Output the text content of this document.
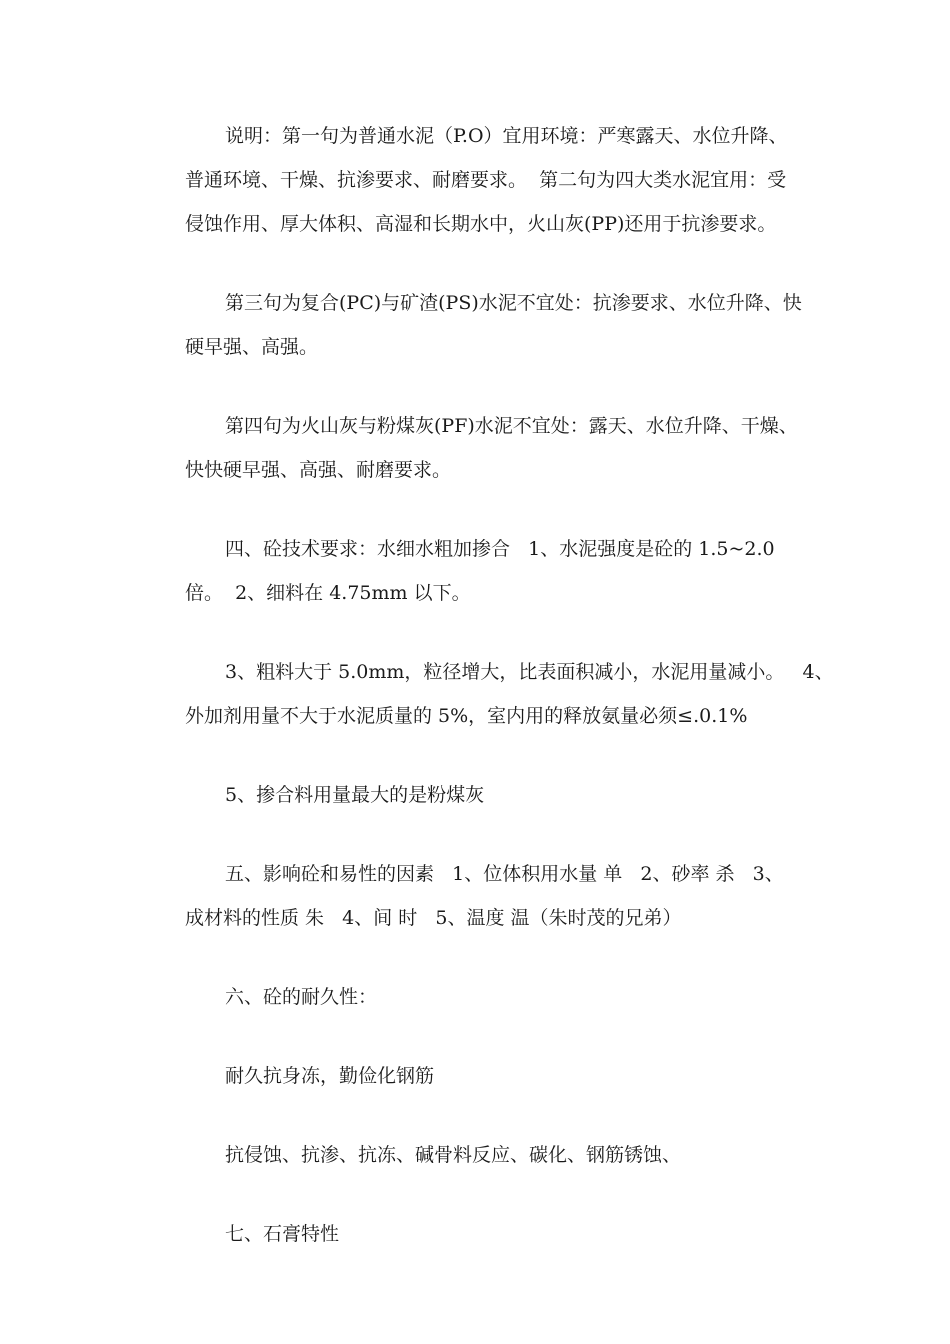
说明：第一句为普通水泥（P.O）宜用环境：严寒露天、水位升降、
普通环境、干燥、抗渗要求、耐磨要求。  第二句为四大类水泥宜用：受
侵蚀作用、厚大体积、高湿和长期水中，火山灰(PP)还用于抗渗要求。
第三句为复合(PC)与矿渣(PS)水泥不宜处：抗渗要求、水位升降、快
硬早强、高强。
第四句为火山灰与粉煤灰(PF)水泥不宜处：露天、水位升降、干燥、
快快硬早强、高强、耐磨要求。
四、砼技术要求：水细水粗加掺合   1、水泥强度是砼的 1.5~2.0
倍。  2、细料在 4.75mm 以下。
3、粗料大于 5.0mm，粒径增大，比表面积减小，水泥用量减小。   4、
外加剂用量不大于水泥质量的 5%，室内用的释放氨量必须≤.0.1%
5、掺合料用量最大的是粉煤灰
五、影响砼和易性的因素   1、位体积用水量 单   2、砂率 杀   3、
成材料的性质 朱   4、间 时   5、温度 温（朱时茂的兄弟）
六、砼的耐久性：
耐久抗身冻，勤俭化钢筋
抗侵蚀、抗渗、抗冻、碱骨料反应、碳化、钢筋锈蚀、
七、石膏特性
